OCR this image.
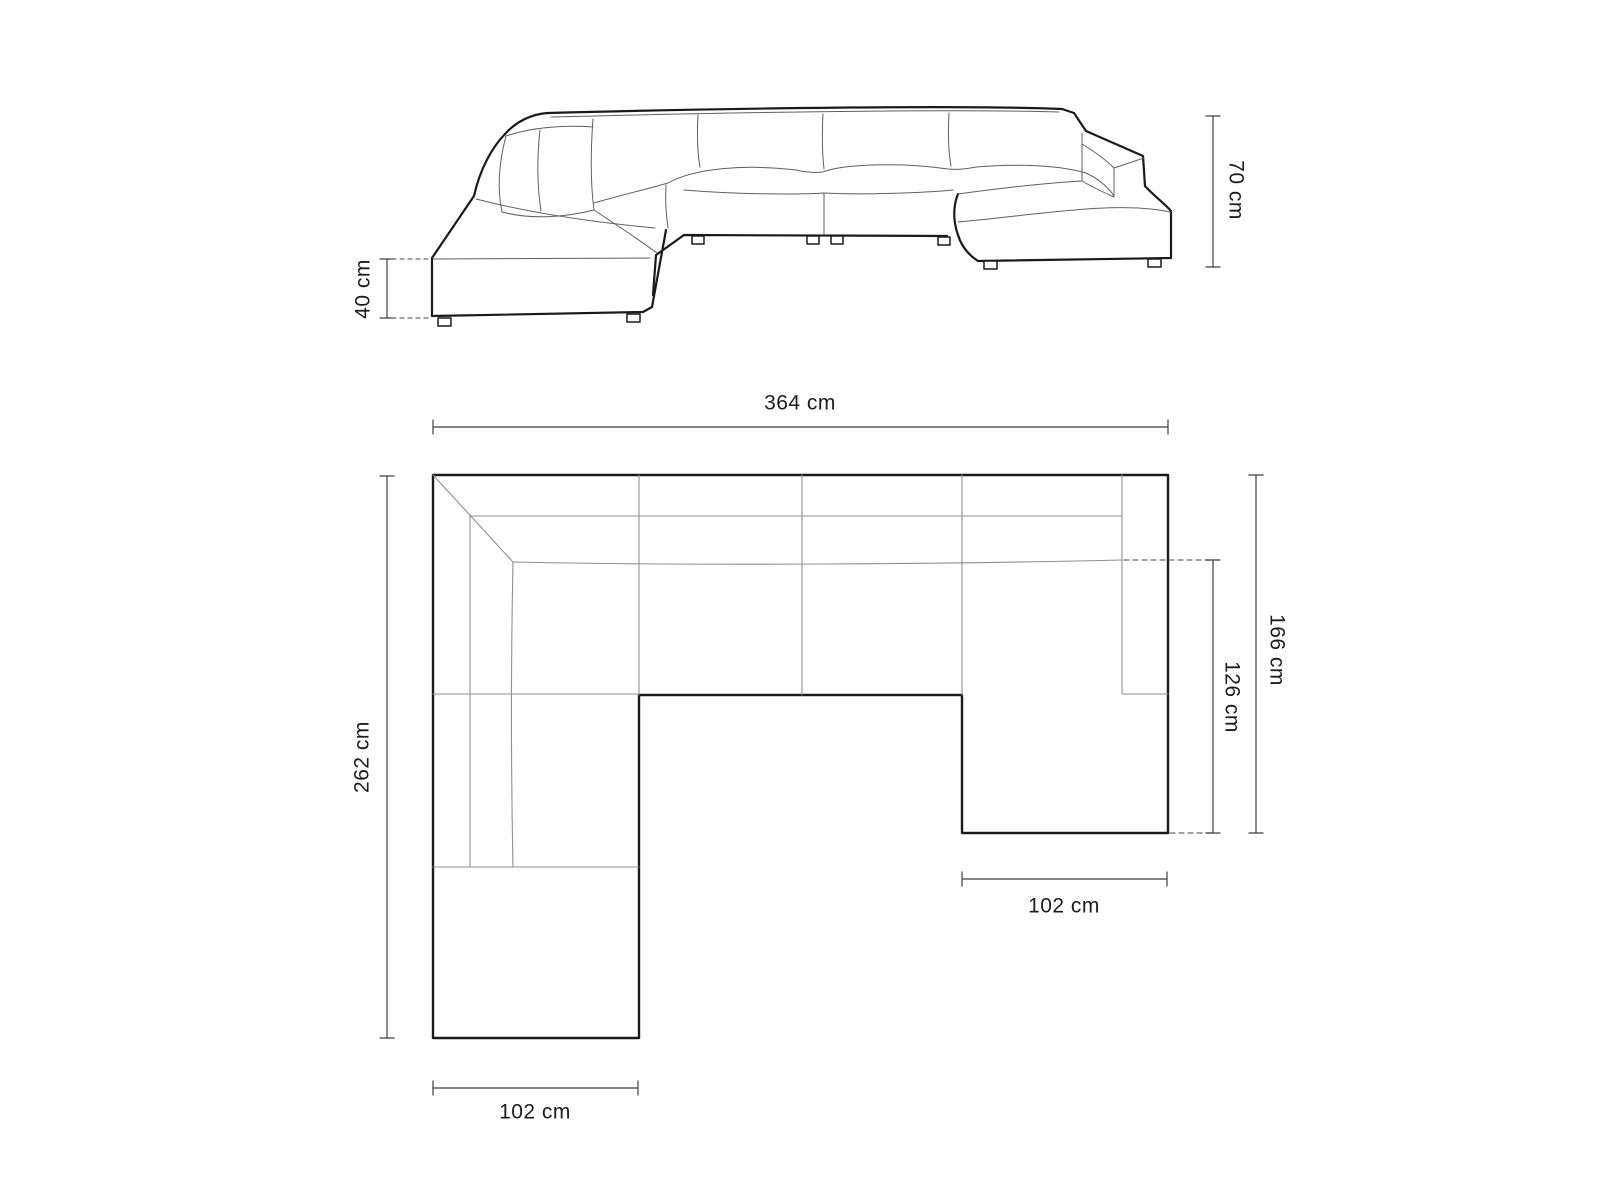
40 cm
70 cm
364 cm
262 cm
166 cm
126 cm
102 cm
102 cm
